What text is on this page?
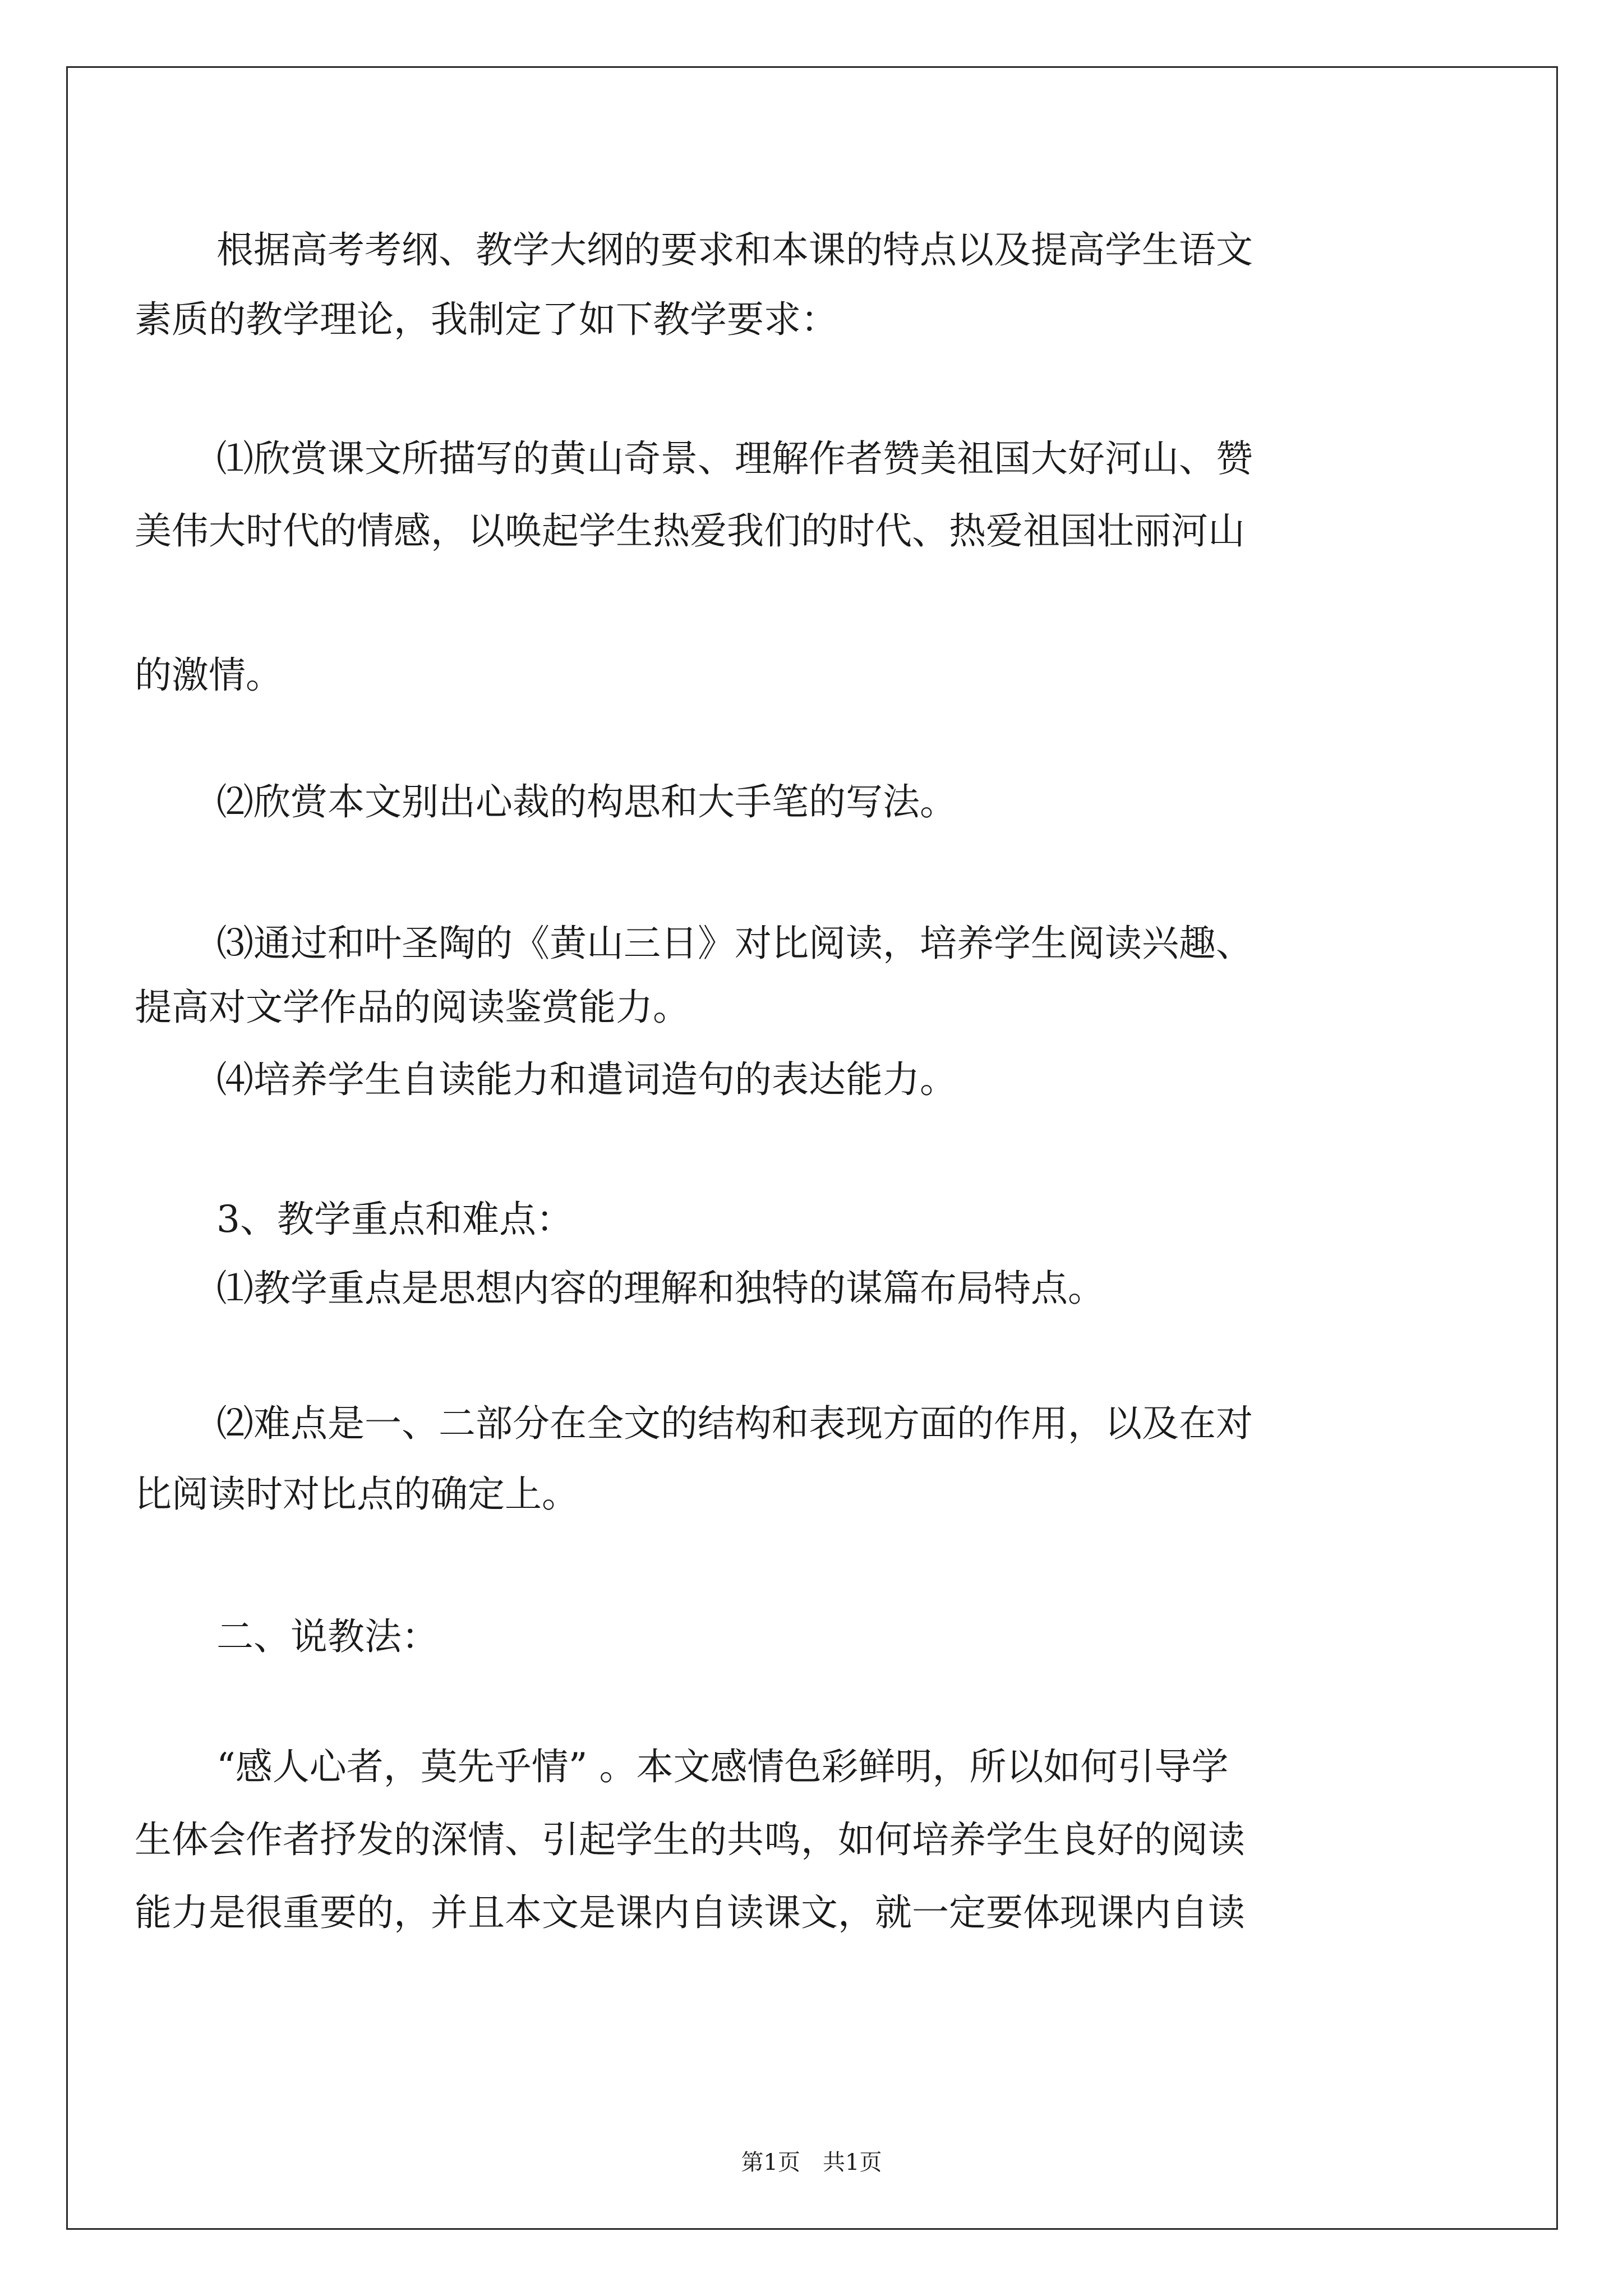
根据高考考纲、教学大纲的要求和本课的特点以及提高学生语文
素质的教学理论，我制定了如下教学要求：
⑴欣赏课文所描写的黄山奇景、理解作者赞美祖国大好河山、赞
美伟大时代的情感，以唤起学生热爱我们的时代、热爱祖国壮丽河山
的激情。
⑵欣赏本文别出心裁的构思和大手笔的写法。
⑶通过和叶圣陶的《黄山三日》对比阅读，培养学生阅读兴趣、
提高对文学作品的阅读鉴赏能力。
⑷培养学生自读能力和遣词造句的表达能力。
3、教学重点和难点：
⑴教学重点是思想内容的理解和独特的谋篇布局特点。
⑵难点是一、二部分在全文的结构和表现方面的作用，以及在对
比阅读时对比点的确定上。
二、说教法：
“感人心者，莫先乎情” 。本文感情色彩鲜明，所以如何引导学
生体会作者抒发的深情、引起学生的共鸣，如何培养学生良好的阅读
能力是很重要的，并且本文是课内自读课文，就一定要体现课内自读
第1页 共1页
